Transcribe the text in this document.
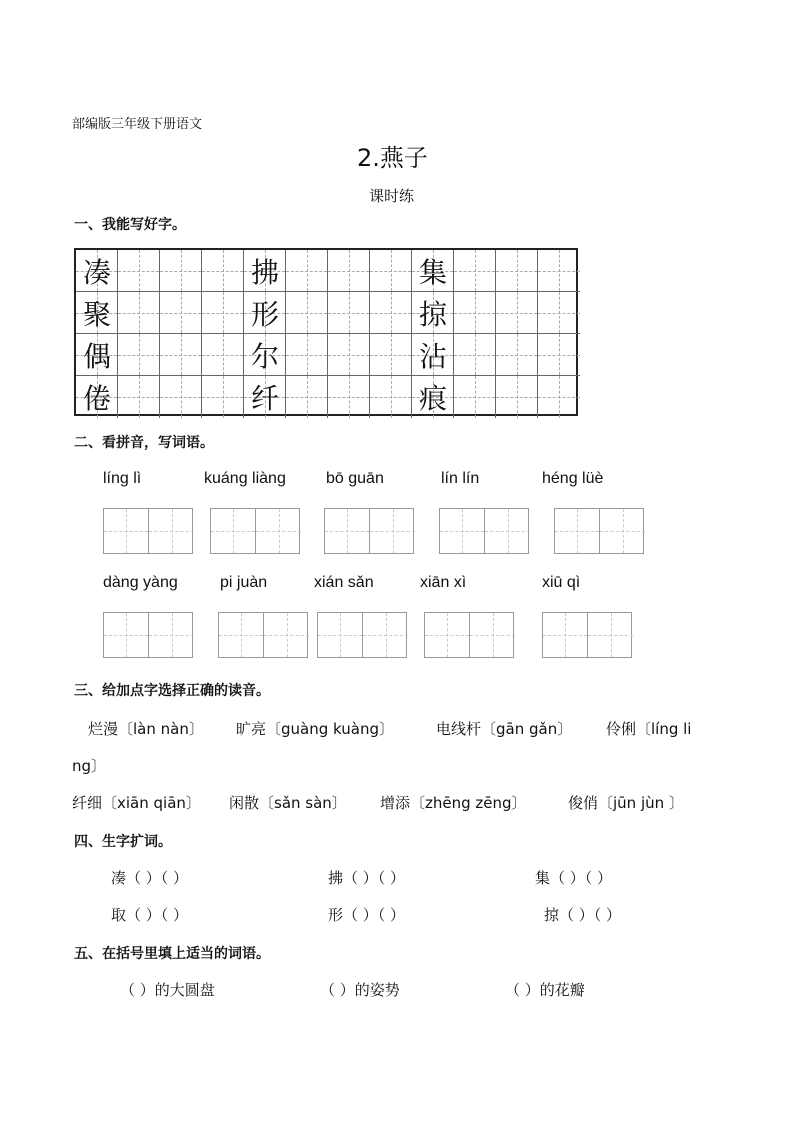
部编版三年级下册语文
2.燕子
课时练
一、我能写好字。
凑	拂	集
聚	形	掠
偶	尔	沾
倦	纤	痕
二、看拼音，写词语。
líng lì	kuáng liàng	bō guān	lín lín	héng lüè
dàng yàng	pi juàn	xián sǎn	xiān xì	xiū qì
三、给加点字选择正确的读音。
烂漫〔làn nàn〕 旷亮〔guàng kuàng〕	电线杆〔gān gǎn〕 伶俐〔líng li
ng〕
纤细〔xiān qiān〕 闲散〔sǎn sàn〕 增添〔zhēng zēng〕	俊俏〔jūn jùn 〕
四、生字扩词。
凑（ ）（ ）	拂（ ）（ ）	集（ ）（ ）
取（ ）（ ）	形（ ）（ ）	掠（ ）（ ）
五、在括号里填上适当的词语。
（ ）的大圆盘	（ ）的姿势	（ ）的花瓣
